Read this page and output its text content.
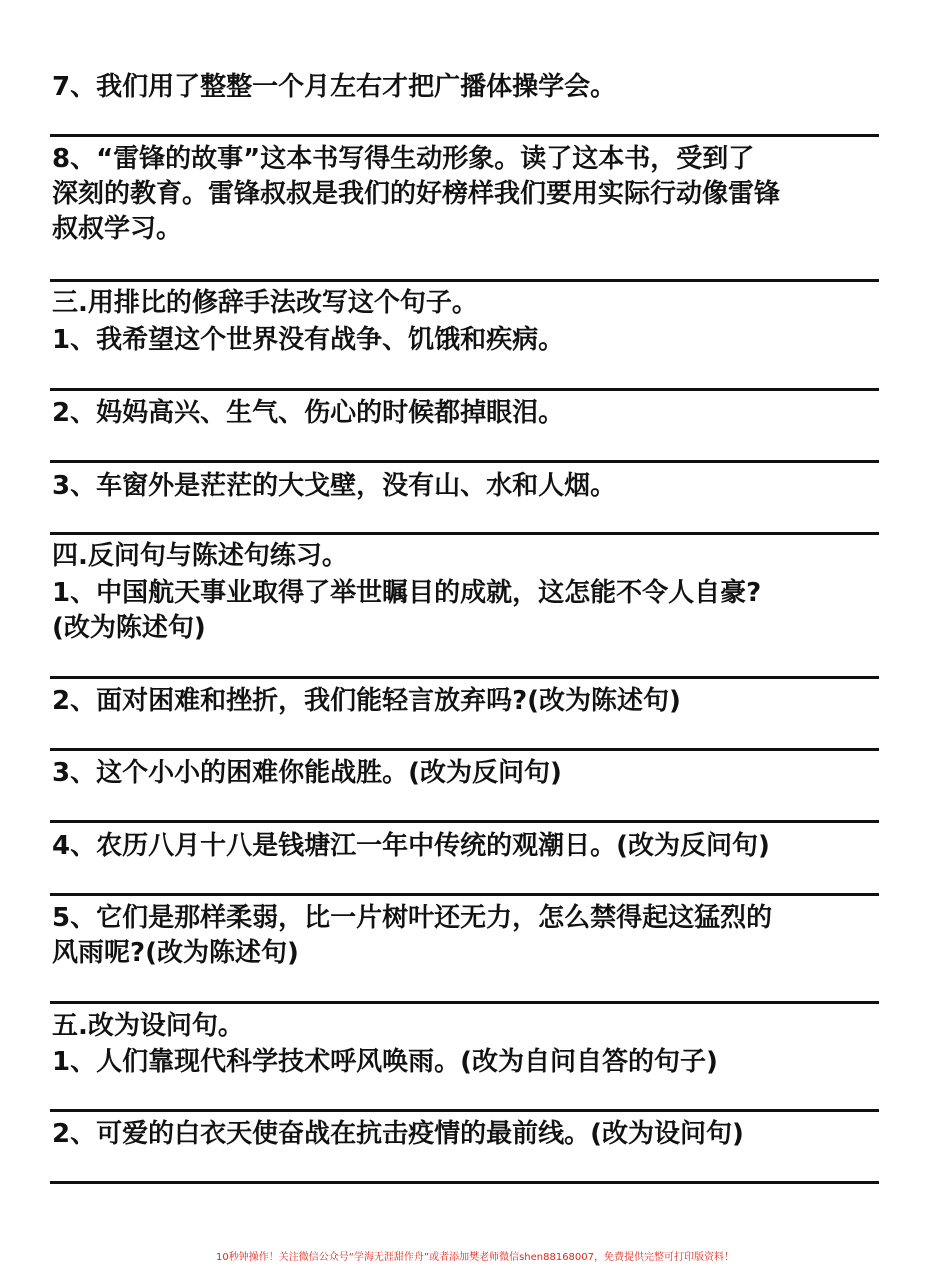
7、我们用了整整一个月左右才把广播体操学会。
8、“雷锋的故事”这本书写得生动形象。读了这本书，受到了
深刻的教育。雷锋叔叔是我们的好榜样我们要用实际行动像雷锋
叔叔学习。
三.用排比的修辞手法改写这个句子。
1、我希望这个世界没有战争、饥饿和疾病。
2、妈妈高兴、生气、伤心的时候都掉眼泪。
3、车窗外是茫茫的大戈壁，没有山、水和人烟。
四.反问句与陈述句练习。
1、中国航天事业取得了举世瞩目的成就，这怎能不令人自豪?
(改为陈述句)
2、面对困难和挫折，我们能轻言放弃吗?(改为陈述句)
3、这个小小的困难你能战胜。(改为反问句)
4、农历八月十八是钱塘江一年中传统的观潮日。(改为反问句)
5、它们是那样柔弱，比一片树叶还无力，怎么禁得起这猛烈的
风雨呢?(改为陈述句)
五.改为设问句。
1、人们靠现代科学技术呼风唤雨。(改为自问自答的句子)
2、可爱的白衣天使奋战在抗击疫情的最前线。(改为设问句)
10秒钟操作！关注微信公众号“学海无涯甜作舟”或者添加樊老师微信shen88168007，免费提供完整可打印版资料！
